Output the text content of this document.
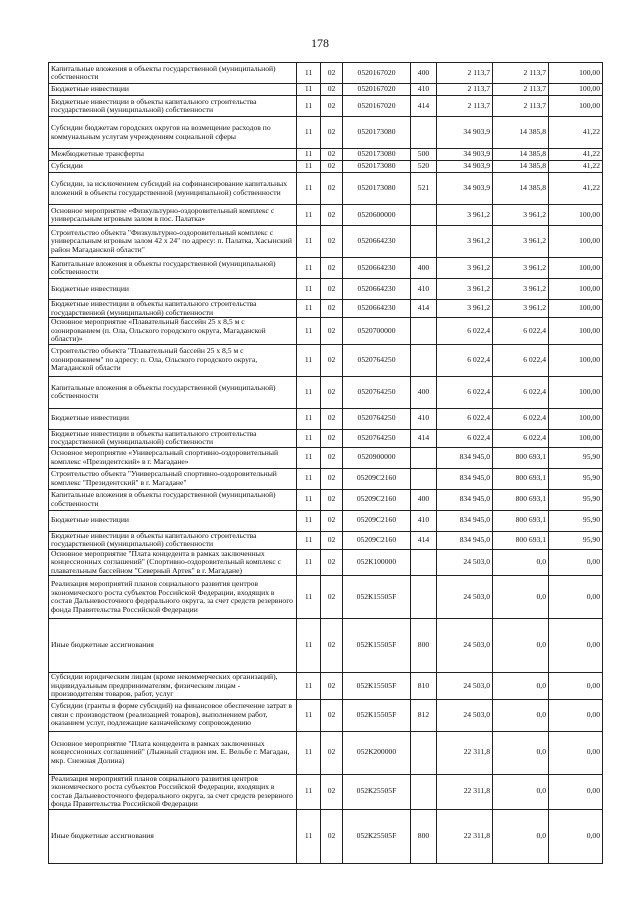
178
Капитальные вложения в объекты государственной (муниципальной) собственности	11	02	0520167020	400	2 113,7	2 113,7	100,00
Бюджетные инвестиции	11	02	0520167020	410	2 113,7	2 113,7	100,00
Бюджетные инвестиции в объекты капитального строительства государственной (муниципальной) собственности	11	02	0520167020	414	2 113,7	2 113,7	100,00
Субсидии бюджетам городских округов на возмещение расходов по коммунальным услугам учреждениям социальной сферы	11	02	0520173080		34 903,9	14 385,8	41,22
Межбюджетные трансферты	11	02	0520173080	500	34 903,9	14 385,8	41,22
Субсидии	11	02	0520173080	520	34 903,9	14 385,8	41,22
Субсидии, за исключением субсидий на софинансирование капитальных вложений в объекты государственной (муниципальной) собственности	11	02	0520173080	521	34 903,9	14 385,8	41,22
Основное мероприятие «Физкультурно-оздоровительный комплекс с универсальным игровым залом в пос. Палатка»	11	02	0520600000		3 961,2	3 961,2	100,00
Строительство объекта "Физкультурно-оздоровительный комплекс с универсальным игровым залом 42 х 24" по адресу: п. Палатка, Хасынский район Магаданской области"	11	02	0520664230		3 961,2	3 961,2	100,00
Капитальные вложения в объекты государственной (муниципальной) собственности	11	02	0520664230	400	3 961,2	3 961,2	100,00
Бюджетные инвестиции	11	02	0520664230	410	3 961,2	3 961,2	100,00
Бюджетные инвестиции в объекты капитального строительства государственной (муниципальной) собственности	11	02	0520664230	414	3 961,2	3 961,2	100,00
Основное мероприятие «Плавательный бассейн 25 х 8,5 м с озонированием (п. Ола, Ольского городского округа, Магаданской области)»	11	02	0520700000		6 022,4	6 022,4	100,00
Строительство объекта "Плавательный бассейн 25 х 8,5 м с озонированием" по адресу: п. Ола, Ольского городского округа, Магаданской области	11	02	0520764250		6 022,4	6 022,4	100,00
Капитальные вложения в объекты государственной (муниципальной) собственности	11	02	0520764250	400	6 022,4	6 022,4	100,00
Бюджетные инвестиции	11	02	0520764250	410	6 022,4	6 022,4	100,00
Бюджетные инвестиции в объекты капитального строительства государственной (муниципальной) собственности	11	02	0520764250	414	6 022,4	6 022,4	100,00
Основное мероприятие «Универсальный спортивно-оздоровительный комплекс «Президентский» в г. Магадане»	11	02	0520900000		834 945,0	800 693,1	95,90
Строительство объекта "Универсальный спортивно-оздоровительный комплекс "Президентский" в г. Магадане"	11	02	05209С2160		834 945,0	800 693,1	95,90
Капитальные вложения в объекты государственной (муниципальной) собственности	11	02	05209С2160	400	834 945,0	800 693,1	95,90
Бюджетные инвестиции	11	02	05209С2160	410	834 945,0	800 693,1	95,90
Бюджетные инвестиции в объекты капитального строительства государственной (муниципальной) собственности	11	02	05209С2160	414	834 945,0	800 693,1	95,90
Основное мероприятие "Плата концедента в рамках заключенных концессионных соглашений" (Спортивно-оздоровительный комплекс с плавательным бассейном "Северный Артек" в г. Магадане)	11	02	052К100000		24 503,0	0,0	0,00
Реализация мероприятий планов социального развития центров экономического роста субъектов Российской Федерации, входящих в состав Дальневосточного федерального округа, за счет средств резервного фонда Правительства Российской Федерации	11	02	052К15505F		24 503,0	0,0	0,00
Иные бюджетные ассигнования	11	02	052К15505F	800	24 503,0	0,0	0,00
Субсидии юридическим лицам (кроме некоммерческих организаций), индивидуальным предпринимателям, физическим лицам - производителям товаров, работ, услуг	11	02	052К15505F	810	24 503,0	0,0	0,00
Субсидии (гранты в форме субсидий) на финансовое обеспечение затрат в связи с производством (реализацией товаров), выполнением работ, оказанием услуг, подлежащие казначейскому сопровождению	11	02	052К15505F	812	24 503,0	0,0	0,00
Основное мероприятие "Плата концедента в рамках заключенных концессионных соглашений" (Лыжный стадион им. Е. Вельбе г. Магадан, мкр. Снежная Долина)	11	02	052К200000		22 311,8	0,0	0,00
Реализация мероприятий планов социального развития центров экономического роста субъектов Российской Федерации, входящих в состав Дальневосточного федерального округа, за счет средств резервного фонда Правительства Российской Федерации	11	02	052К25505F		22 311,8	0,0	0,00
Иные бюджетные ассигнования	11	02	052К25505F	800	22 311,8	0,0	0,00
